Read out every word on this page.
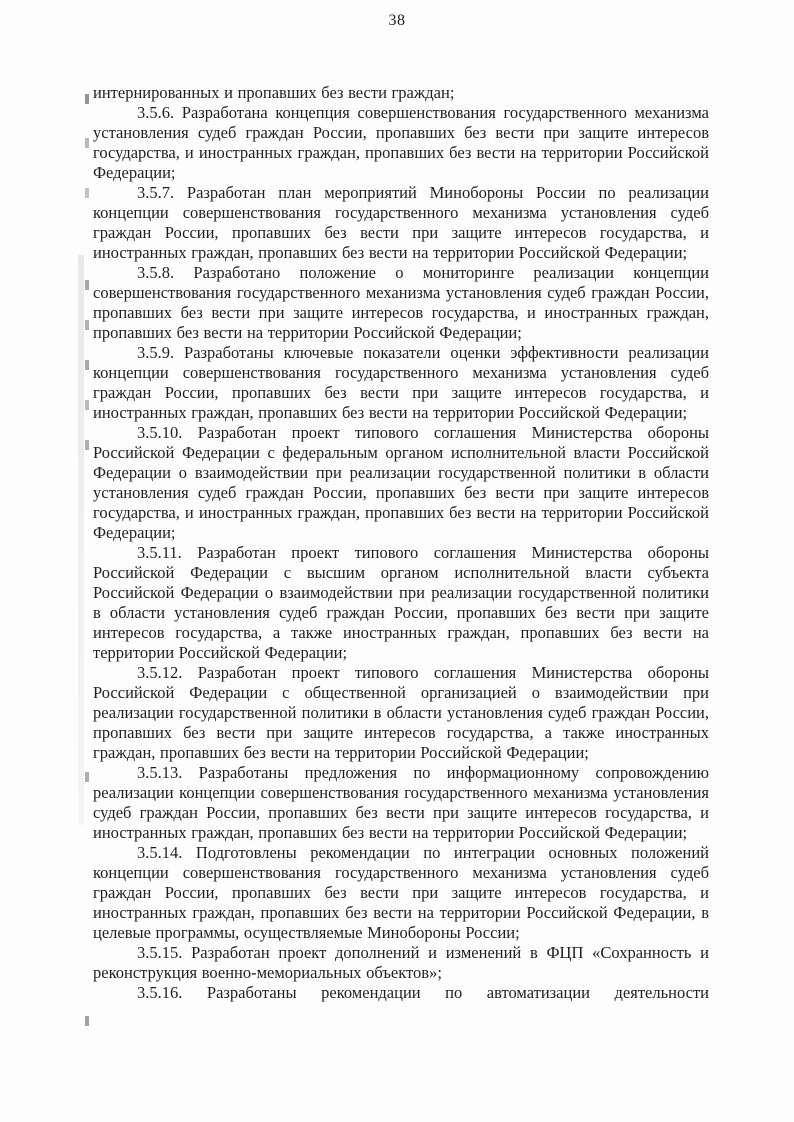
38

интернированных и пропавших без вести граждан;

3.5.6. Разработана концепция совершенствования государственного механизма установления судеб граждан России, пропавших без вести при защите интересов государства, и иностранных граждан, пропавших без вести на территории Российской Федерации;

3.5.7. Разработан план мероприятий Минобороны России по реализации концепции совершенствования государственного механизма установления судеб граждан России, пропавших без вести при защите интересов государства, и иностранных граждан, пропавших без вести на территории Российской Федерации;

3.5.8. Разработано положение о мониторинге реализации концепции совершенствования государственного механизма установления судеб граждан России, пропавших без вести при защите интересов государства, и иностранных граждан, пропавших без вести на территории Российской Федерации;

3.5.9. Разработаны ключевые показатели оценки эффективности реализации концепции совершенствования государственного механизма установления судеб граждан России, пропавших без вести при защите интересов государства, и иностранных граждан, пропавших без вести на территории Российской Федерации;

3.5.10. Разработан проект типового соглашения Министерства обороны Российской Федерации с федеральным органом исполнительной власти Российской Федерации о взаимодействии при реализации государственной политики в области установления судеб граждан России, пропавших без вести при защите интересов государства, и иностранных граждан, пропавших без вести на территории Российской Федерации;

3.5.11. Разработан проект типового соглашения Министерства обороны Российской Федерации с высшим органом исполнительной власти субъекта Российской Федерации о взаимодействии при реализации государственной политики в области установления судеб граждан России, пропавших без вести при защите интересов государства, а также иностранных граждан, пропавших без вести на территории Российской Федерации;

3.5.12. Разработан проект типового соглашения Министерства обороны Российской Федерации с общественной организацией о взаимодействии при реализации государственной политики в области установления судеб граждан России, пропавших без вести при защите интересов государства, а также иностранных граждан, пропавших без вести на территории Российской Федерации;

3.5.13. Разработаны предложения по информационному сопровождению реализации концепции совершенствования государственного механизма установления судеб граждан России, пропавших без вести при защите интересов государства, и иностранных граждан, пропавших без вести на территории Российской Федерации;

3.5.14. Подготовлены рекомендации по интеграции основных положений концепции совершенствования государственного механизма установления судеб граждан России, пропавших без вести при защите интересов государства, и иностранных граждан, пропавших без вести на территории Российской Федерации, в целевые программы, осуществляемые Минобороны России;

3.5.15. Разработан проект дополнений и изменений в ФЦП «Сохранность и реконструкция военно-мемориальных объектов»;

3.5.16. Разработаны рекомендации по автоматизации деятельности
